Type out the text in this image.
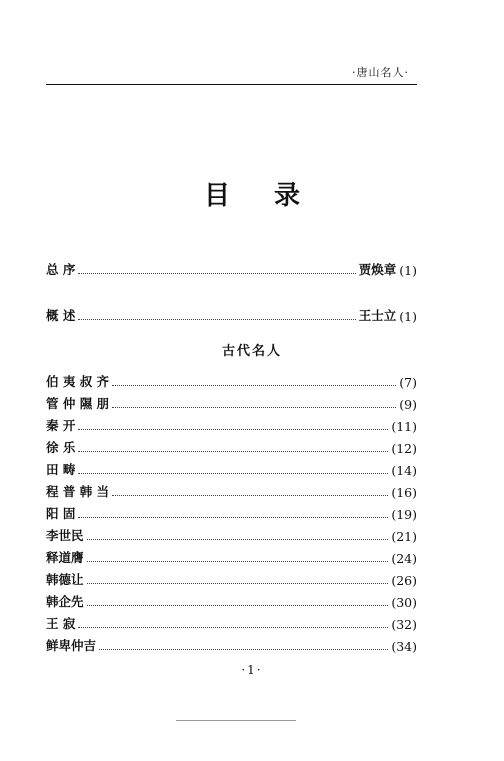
·唐山名人·
目录
总 序	贾焕章 (1)
概 述	王士立 (1)
古代名人
伯 夷 叔 齐	(7)
管 仲 隰 朋	(9)
秦 开	(11)
徐 乐	(12)
田 畴	(14)
程 普 韩 当	(16)
阳 固	(19)
李世民	(21)
释道膺	(24)
韩德让	(26)
韩企先	(30)
王 寂	(32)
鲜卑仲吉	(34)
·1·
